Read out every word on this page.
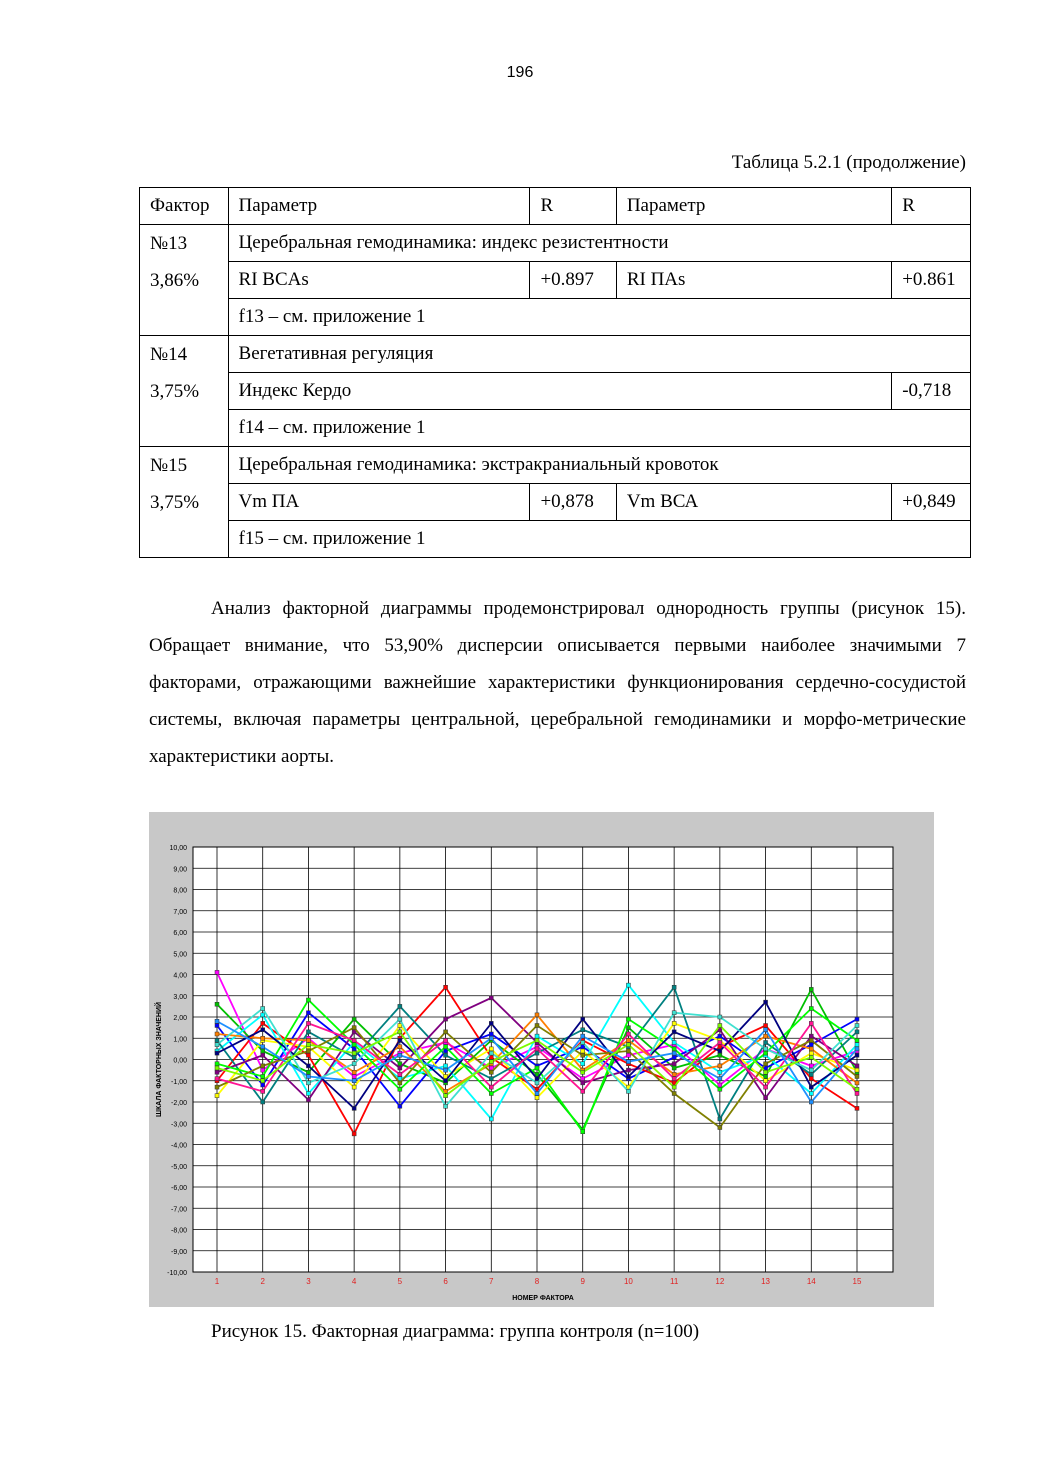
196
Таблица 5.2.1 (продолжение)
Фактор	Параметр	R	Параметр	R

№13
3,86%	Церебральная гемодинамика: индекс резистентности			
	RI BCAs	+0.897	RI ПAs	+0.861
	f13 – см. приложение 1			

№14
3,75%	Вегетативная регуляция			
	Индекс Кердо			-0,718
	f14 – см. приложение 1			

№15
3,75%	Церебральная гемодинамика: экстракраниальный кровоток			
	Vm ПА	+0,878	Vm ВСА	+0,849
	f15 – см. приложение 1			

Анализ факторной диаграммы продемонстрировал однородность группы (рисунок 15). Обращает внимание, что 53,90% дисперсии описывается первыми наиболее значимыми 7 факторами, отражающими важнейшие характеристики функционирования сердечно-сосудистой системы, включая параметры центральной, церебральной гемодинамики и морфо-метрические характеристики аорты.

10,00
9,00
8,00
7,00
6,00
5,00
4,00
3,00
2,00
1,00
0,00
-1,00
-2,00
-3,00
-4,00
-5,00
-6,00
-7,00
-8,00
-9,00
-10,00
1	2	3	4	5	6	7	8	9	10	11	12	13	14	15
НОМЕР ФАКТОРА
ШКАЛА ФАКТОРНЫХ ЗНАЧЕНИЙ
Рисунок 15. Факторная диаграмма: группа контроля (n=100)
